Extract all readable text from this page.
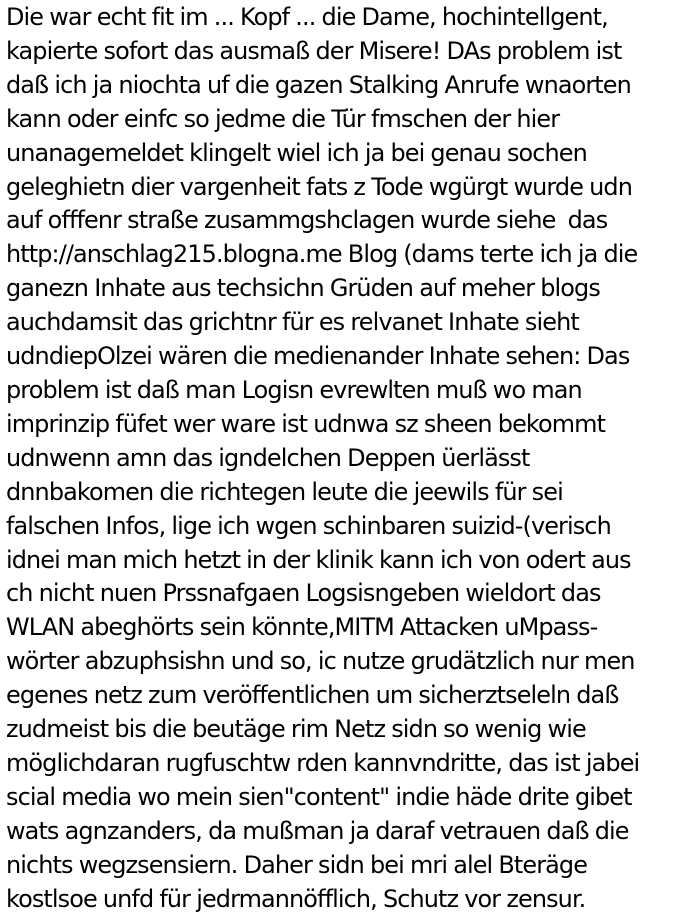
Die war echt fit im ... Kopf ... die Dame, hochintellgent,
kapierte sofort das ausmaß der Misere! DAs problem ist
daß ich ja niochta uf die gazen Stalking Anrufe wnaorten
kann oder einfc so jedme die Tür fmschen der hier
unanagemeldet klingelt wiel ich ja bei genau sochen
geleghietn dier vargenheit fats z Tode wgürgt wurde udn
auf offfenr straße zusammgshclagen wurde siehe  das
http://anschlag215.blogna.me Blog (dams terte ich ja die
ganezn Inhate aus techsichn Grüden auf meher blogs
auchdamsit das grichtnr für es relvanet Inhate sieht
udndiepOlzei wären die medienander Inhate sehen: Das
problem ist daß man Logisn evrewlten muß wo man
imprinzip füfet wer ware ist udnwa sz sheen bekommt
udnwenn amn das igndelchen Deppen üerlässt
dnnbakomen die richtegen leute die jeewils für sei
falschen Infos, lige ich wgen schinbaren suizid-(verisch
idnei man mich hetzt in der klinik kann ich von odert aus
ch nicht nuen Prssnafgaen Logsisngeben wieldort das
WLAN abeghörts sein könnte,MITM Attacken uMpass-
wörter abzuphsishn und so, ic nutze grudätzlich nur men
egenes netz zum veröffentlichen um sicherztseleln daß
zudmeist bis die beutäge rim Netz sidn so wenig wie
möglichdaran rugfuschtw rden kannvndritte, das ist jabei
scial media wo mein sien"content" indie häde drite gibet
wats agnzanders, da mußman ja daraf vetrauen daß die
nichts wegzsensiern. Daher sidn bei mri alel Bteräge
kostlsoe unfd für jedrmannöfflich, Schutz vor zensur.
